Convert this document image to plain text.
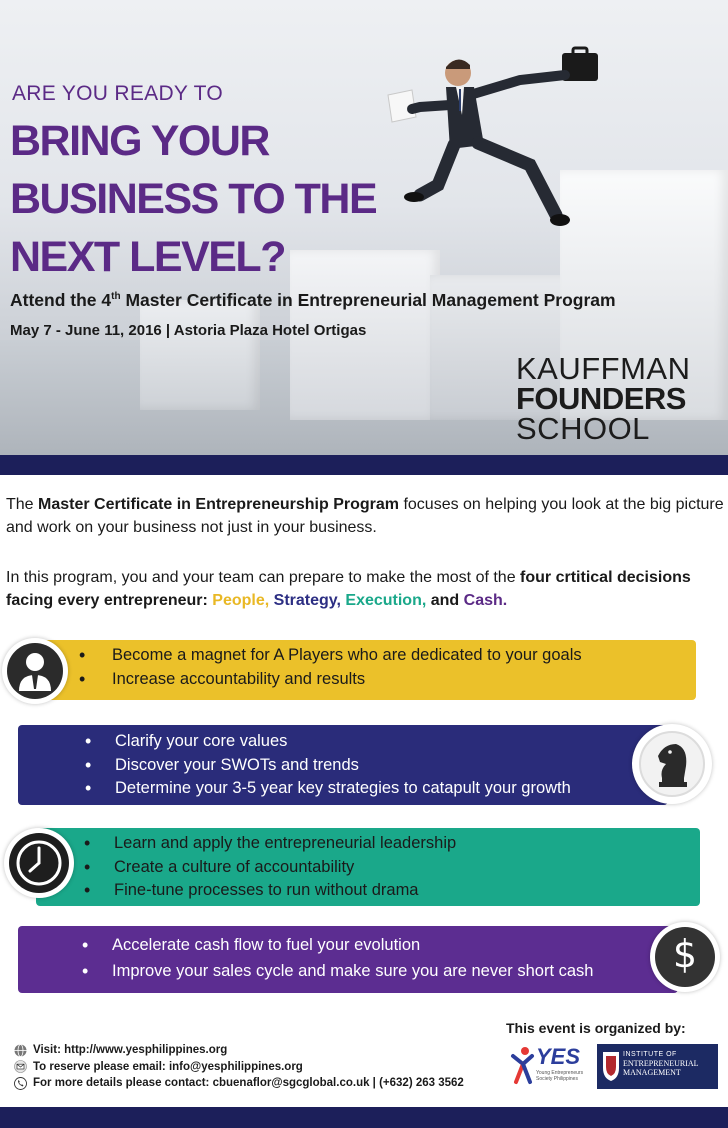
ARE YOU READY TO
BRING YOUR
BUSINESS TO THE
NEXT LEVEL?
Attend the 4th Master Certificate in Entrepreneurial Management Program
May 7 - June 11, 2016 | Astoria Plaza Hotel Ortigas
KAUFFMAN
FOUNDERS
SCHOOL

The Master Certificate in Entrepreneurship Program focuses on helping you look at the big picture and work on your business not just in your business.

In this program, you and your team can prepare to make the most of the four crtitical decisions facing every entrepreneur: People, Strategy, Execution, and Cash.

• Become a magnet for A Players who are dedicated to your goals
• Increase accountability and results
• Clarify your core values
• Discover your SWOTs and trends
• Determine your 3-5 year key strategies to catapult your growth
• Learn and apply the entrepreneurial leadership
• Create a culture of accountability
• Fine-tune processes to run without drama
• Accelerate cash flow to fuel your evolution
• Improve your sales cycle and make sure you are never short cash	$
Visit: http://www.yesphilippines.org
To reserve please email: info@yesphilippines.org
For more details please contact: cbuenaflor@sgcglobal.co.uk | (+632) 263 3562
This event is organized by:
YES
Young Entrepreneurs Society Philippines
INSTITUTE OF
ENTREPRENEURIAL
MANAGEMENT
